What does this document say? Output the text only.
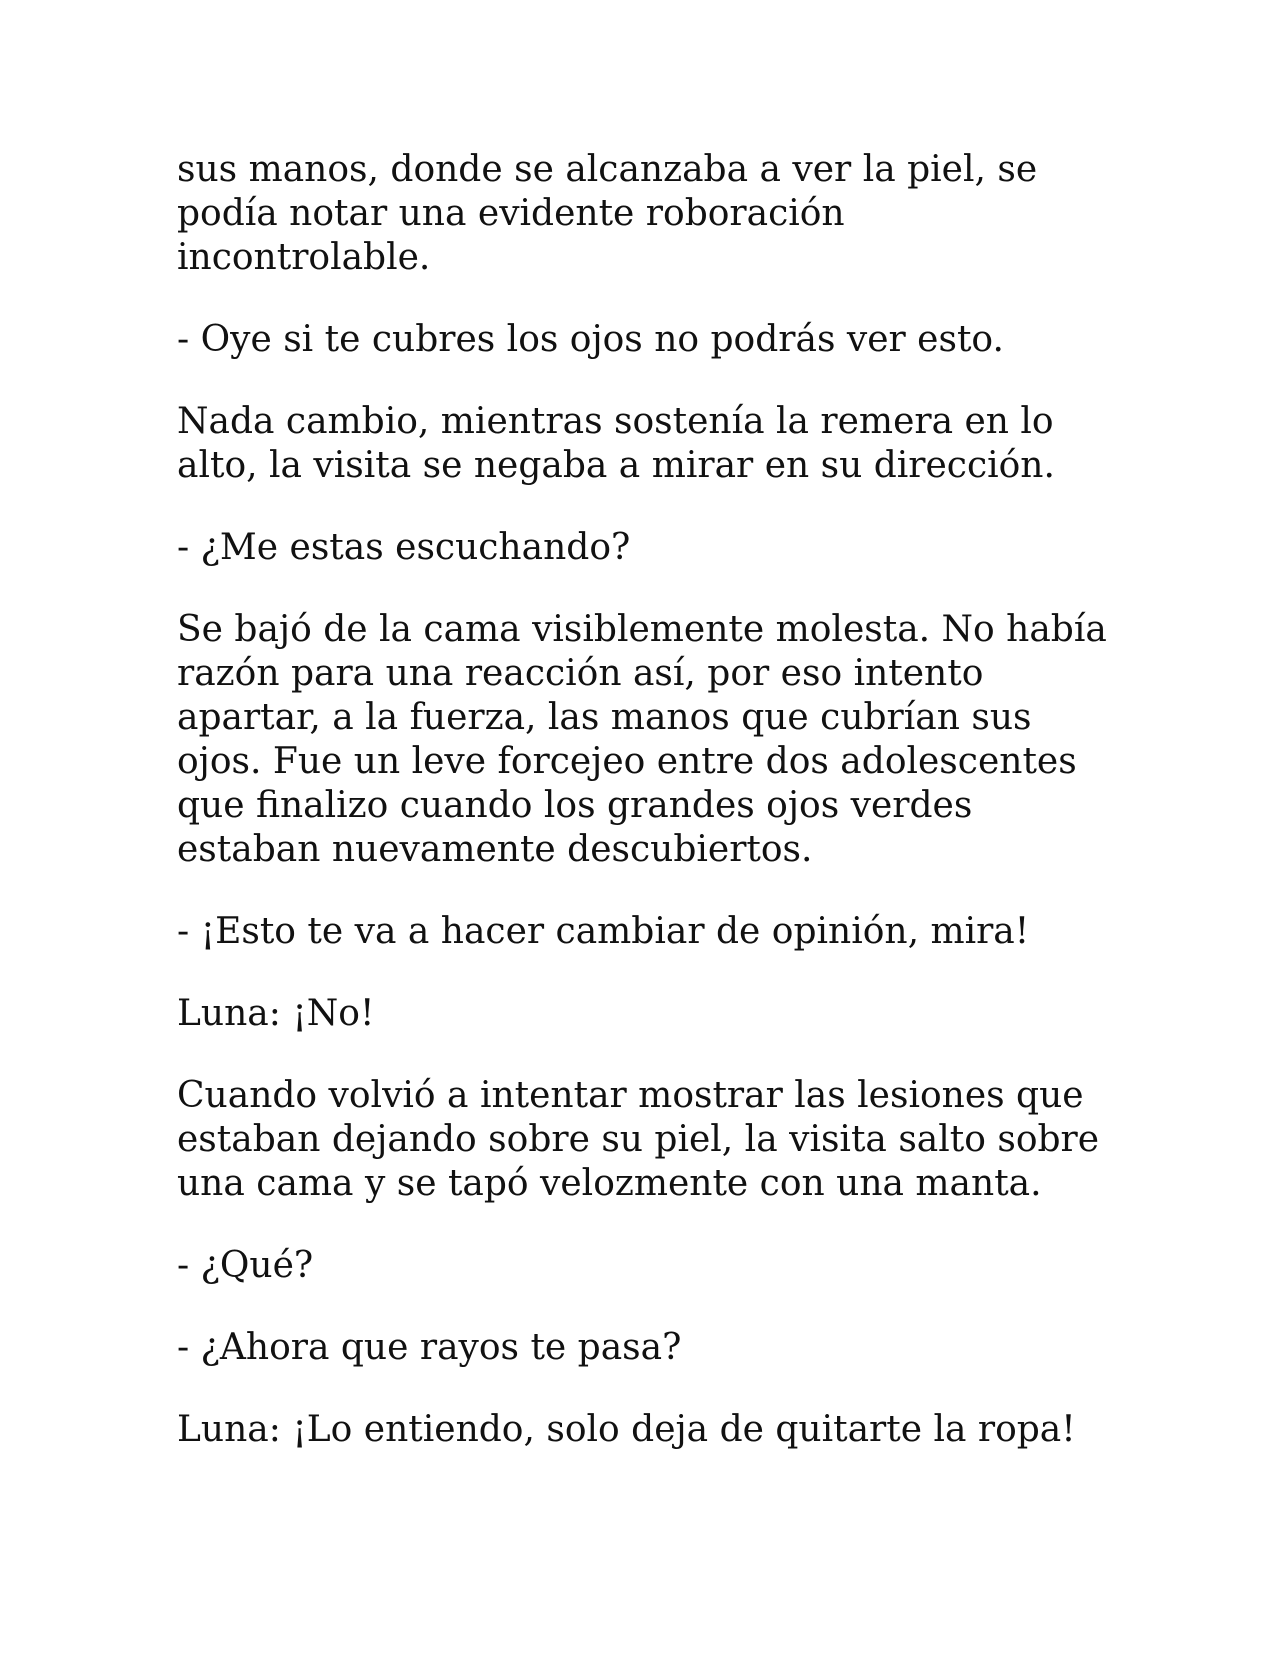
sus manos, donde se alcanzaba a ver la piel, se
podía notar una evidente roboración
incontrolable.

- Oye si te cubres los ojos no podrás ver esto.

Nada cambio, mientras sostenía la remera en lo
alto, la visita se negaba a mirar en su dirección.

- ¿Me estas escuchando?

Se bajó de la cama visiblemente molesta. No había
razón para una reacción así, por eso intento
apartar, a la fuerza, las manos que cubrían sus
ojos. Fue un leve forcejeo entre dos adolescentes
que finalizo cuando los grandes ojos verdes
estaban nuevamente descubiertos.

- ¡Esto te va a hacer cambiar de opinión, mira!

Luna: ¡No!

Cuando volvió a intentar mostrar las lesiones que
estaban dejando sobre su piel, la visita salto sobre
una cama y se tapó velozmente con una manta.

- ¿Qué?

- ¿Ahora que rayos te pasa?

Luna: ¡Lo entiendo, solo deja de quitarte la ropa!
